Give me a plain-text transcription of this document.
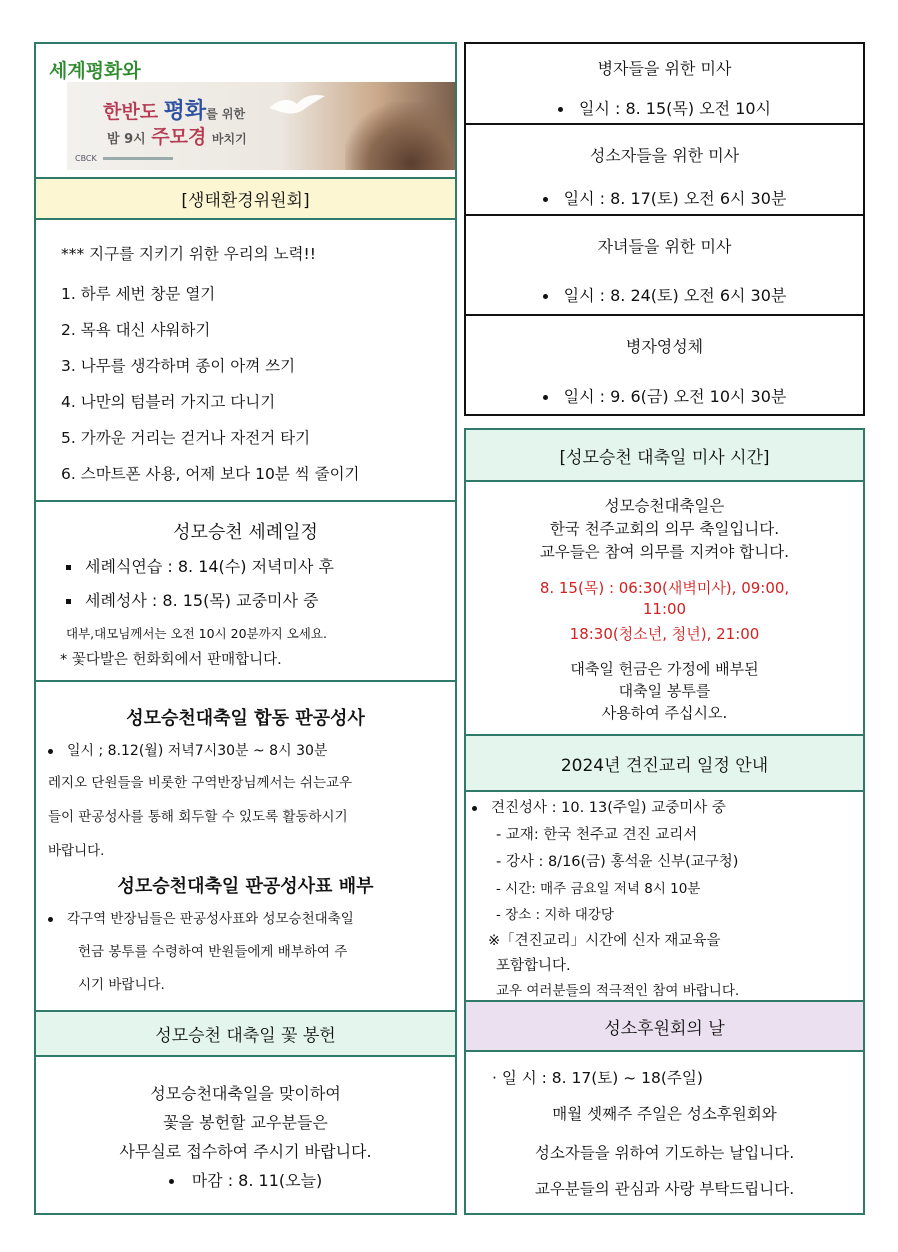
세계평화와
한반도 평화를 위한
밤 9시 주모경 바치기
CBCK
[생태환경위원회]
*** 지구를 지키기 위한 우리의 노력!!
1. 하루 세번 창문 열기
2. 목욕 대신 샤워하기
3. 나무를 생각하며 종이 아껴 쓰기
4. 나만의 텀블러 가지고 다니기
5. 가까운 거리는 걷거나 자전거 타기
6. 스마트폰 사용, 어제 보다 10분 씩 줄이기
성모승천 세례일정
세례식연습 : 8. 14(수) 저녁미사 후
세례성사 : 8. 15(목) 교중미사 중
대부,대모님께서는 오전 10시 20분까지 오세요.
* 꽃다발은 헌화회에서 판매합니다.
성모승천대축일 합동 판공성사
일시 ; 8.12(월) 저녁7시30분 ~ 8시 30분
레지오 단원들을 비롯한 구역반장님께서는 쉬는교우
들이 판공성사를 통해 회두할 수 있도록 활동하시기
바랍니다.
성모승천대축일 판공성사표 배부
각구역 반장님들은 판공성사표와 성모승천대축일
헌금 봉투를 수령하여 반원들에게 배부하여 주
시기 바랍니다.
성모승천 대축일 꽃 봉헌
성모승천대축일을 맞이하여
꽃을 봉헌할 교우분들은
사무실로 접수하여 주시기 바랍니다.
마감 : 8. 11(오늘)
병자들을 위한 미사
일시 : 8. 15(목) 오전 10시
성소자들을 위한 미사
일시 : 8. 17(토) 오전 6시 30분
자녀들을 위한 미사
일시 : 8. 24(토) 오전 6시 30분
병자영성체
일시 : 9. 6(금) 오전 10시 30분
[성모승천 대축일 미사 시간]
성모승천대축일은
한국 천주교회의 의무 축일입니다.
교우들은 참여 의무를 지켜야 합니다.
8. 15(목) : 06:30(새벽미사), 09:00,
11:00
18:30(청소년, 청년), 21:00
대축일 헌금은 가정에 배부된
대축일 봉투를
사용하여 주십시오.
2024년 견진교리 일정 안내
견진성사 : 10. 13(주일) 교중미사 중
- 교재: 한국 천주교 견진 교리서
- 강사 : 8/16(금) 홍석윤 신부(교구청)
- 시간: 매주 금요일 저녁 8시 10분
- 장소 : 지하 대강당
※「견진교리」시간에 신자 재교육을
포함합니다.
교우 여러분들의 적극적인 참여 바랍니다.
성소후원회의 날
· 일 시 : 8. 17(토) ~ 18(주일)
매월 셋째주 주일은 성소후원회와
성소자들을 위하여 기도하는 날입니다.
교우분들의 관심과 사랑 부탁드립니다.
